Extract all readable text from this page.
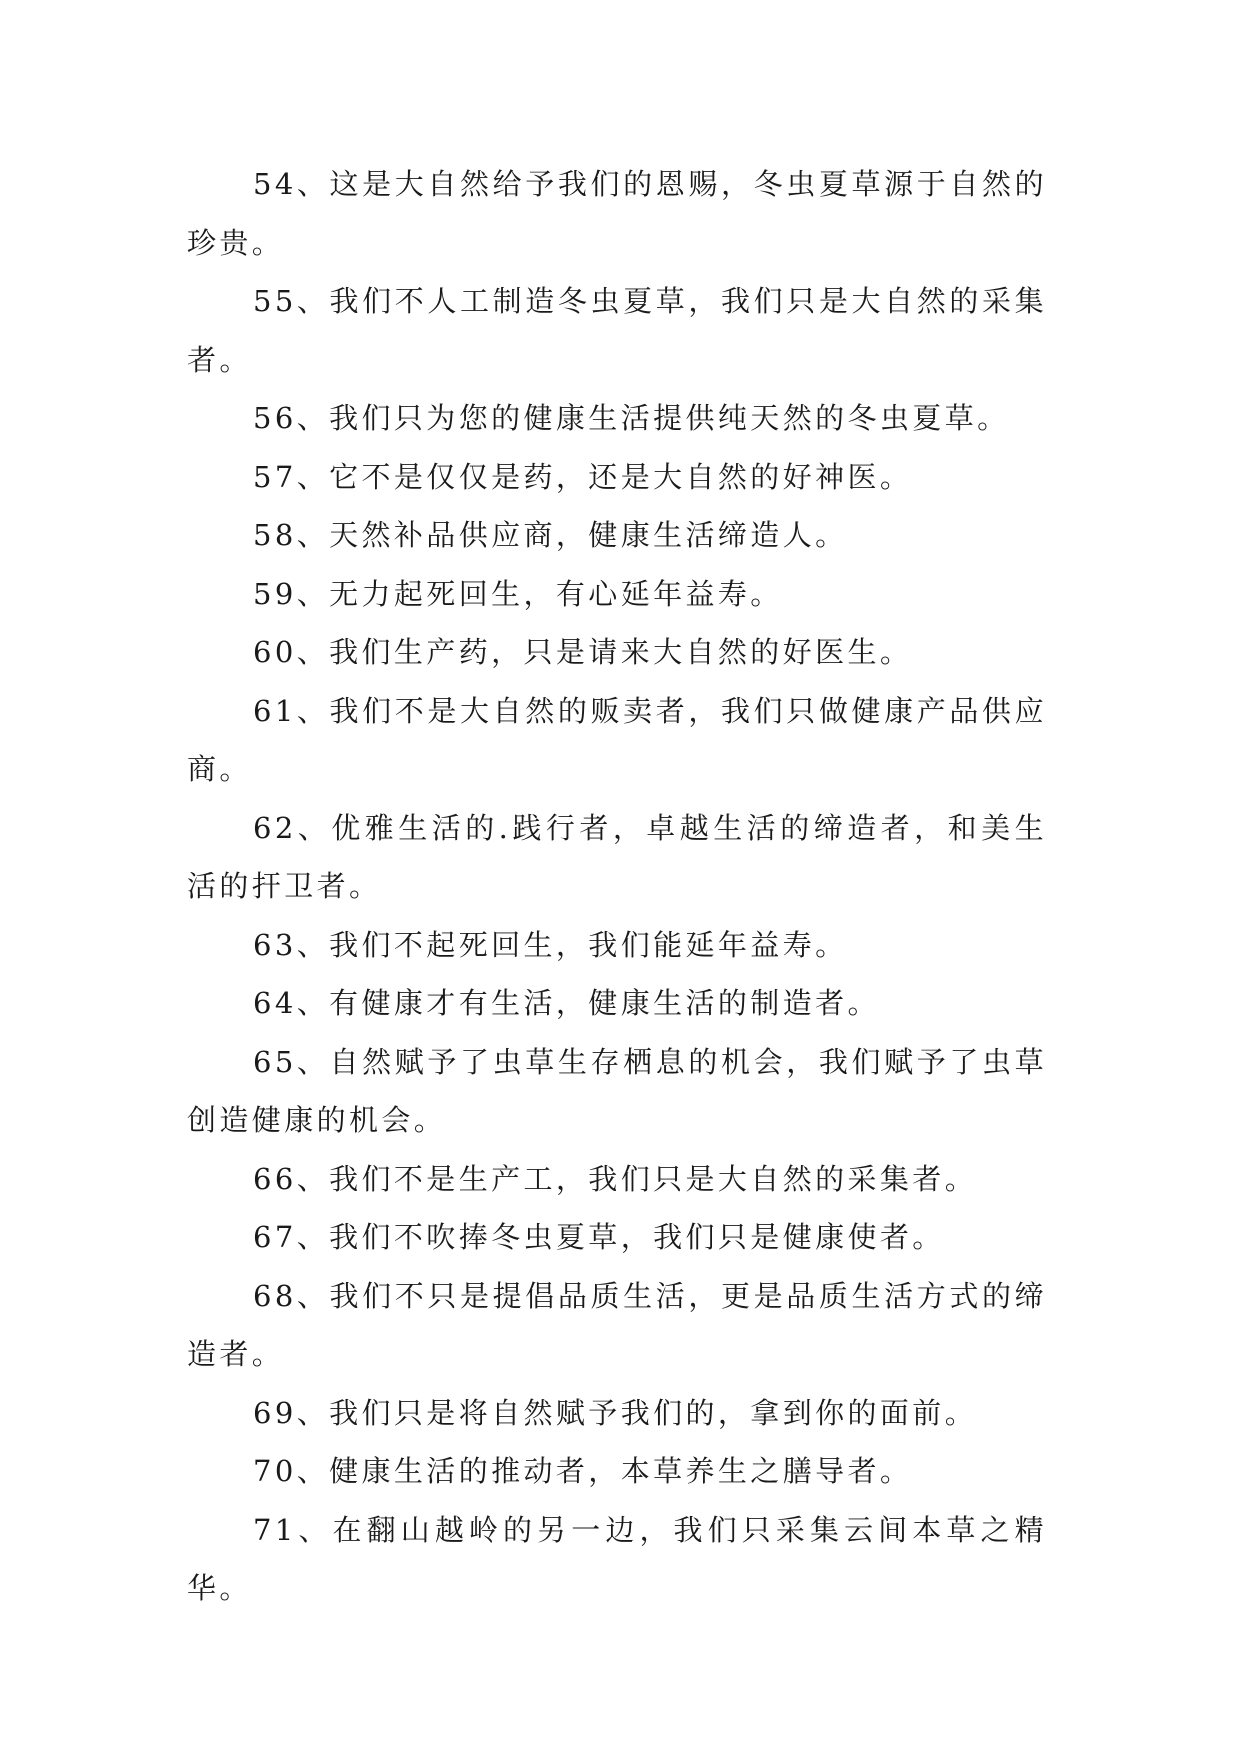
54、这是大自然给予我们的恩赐，冬虫夏草源于自然的珍贵。

55、我们不人工制造冬虫夏草，我们只是大自然的采集者。

56、我们只为您的健康生活提供纯天然的冬虫夏草。

57、它不是仅仅是药，还是大自然的好神医。

58、天然补品供应商，健康生活缔造人。

59、无力起死回生，有心延年益寿。

60、我们生产药，只是请来大自然的好医生。

61、我们不是大自然的贩卖者，我们只做健康产品供应商。

62、优雅生活的.践行者，卓越生活的缔造者，和美生活的扞卫者。

63、我们不起死回生，我们能延年益寿。

64、有健康才有生活，健康生活的制造者。

65、自然赋予了虫草生存栖息的机会，我们赋予了虫草创造健康的机会。

66、我们不是生产工，我们只是大自然的采集者。

67、我们不吹捧冬虫夏草，我们只是健康使者。

68、我们不只是提倡品质生活，更是品质生活方式的缔造者。

69、我们只是将自然赋予我们的，拿到你的面前。

70、健康生活的推动者，本草养生之膳导者。

71、在翻山越岭的另一边，我们只采集云间本草之精华。
